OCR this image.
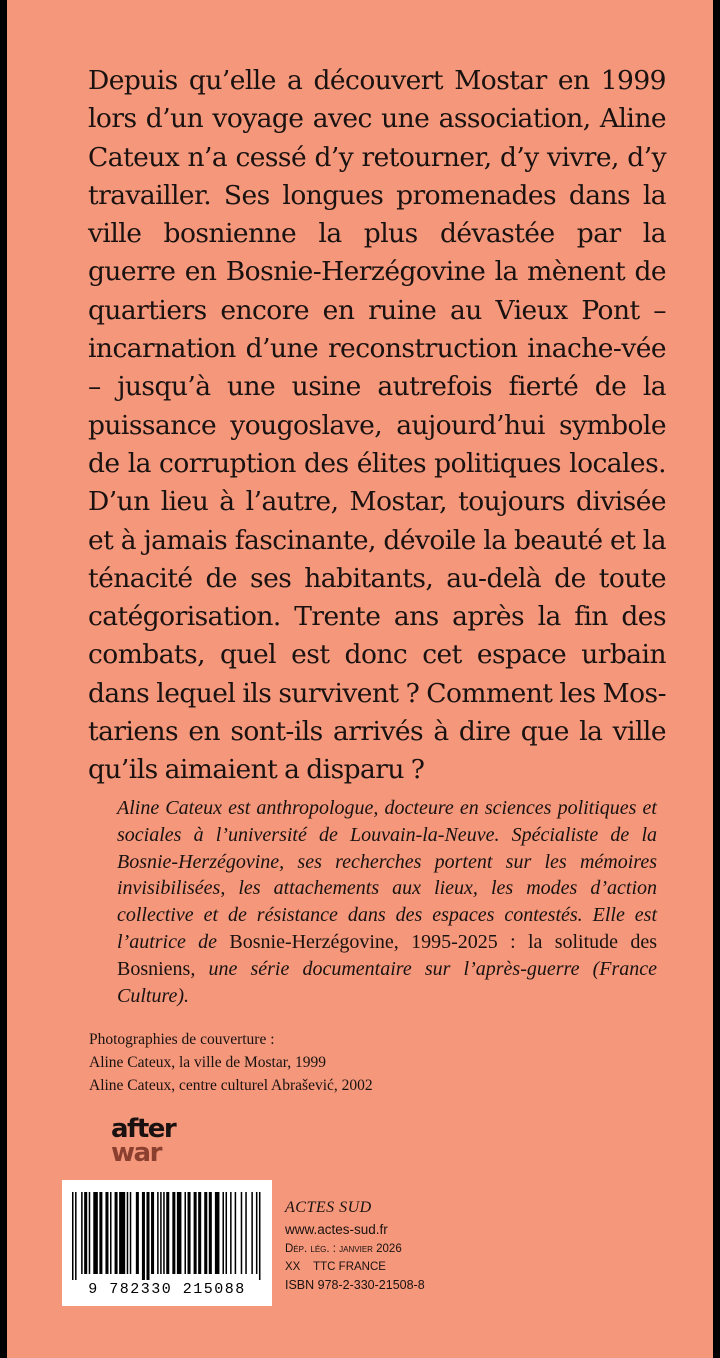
Depuis qu’elle a découvert Mostar en 1999 lors d’un voyage avec une association, Aline Cateux n’a cessé d’y retourner, d’y vivre, d’y travailler. Ses longues promenades dans la ville bosnienne la plus dévastée par la guerre en Bosnie-Herzégovine la mènent de quartiers encore en ruine au Vieux Pont – incarnation d’une reconstruction inache-vée – jusqu’à une usine autrefois fierté de la puissance yougoslave, aujourd’hui symbole de la corruption des élites politiques locales. D’un lieu à l’autre, Mostar, toujours divisée et à jamais fascinante, dévoile la beauté et la ténacité de ses habitants, au-delà de toute catégorisation. Trente ans après la fin des combats, quel est donc cet espace urbain dans lequel ils survivent ? Comment les Mos-tariens en sont-ils arrivés à dire que la ville qu’ils aimaient a disparu ?
Aline Cateux est anthropologue, docteure en sciences politiques et sociales à l’université de Louvain-la-Neuve. Spécialiste de la Bosnie-Herzégovine, ses recherches portent sur les mémoires invisibilisées, les attachements aux lieux, les modes d’action collective et de résistance dans des espaces contestés. Elle est l’autrice de Bosnie-Herzégovine, 1995-2025 : la solitude des Bosniens, une série documentaire sur l’après-guerre (France Culture).
Photographies de couverture :
Aline Cateux, la ville de Mostar, 1999
Aline Cateux, centre culturel Abrašević, 2002
after
war
9 782330 215088
ACTES SUD
www.actes-sud.fr
Dép. lég. : janvier 2026
XX TTC FRANCE
ISBN 978-2-330-21508-8
